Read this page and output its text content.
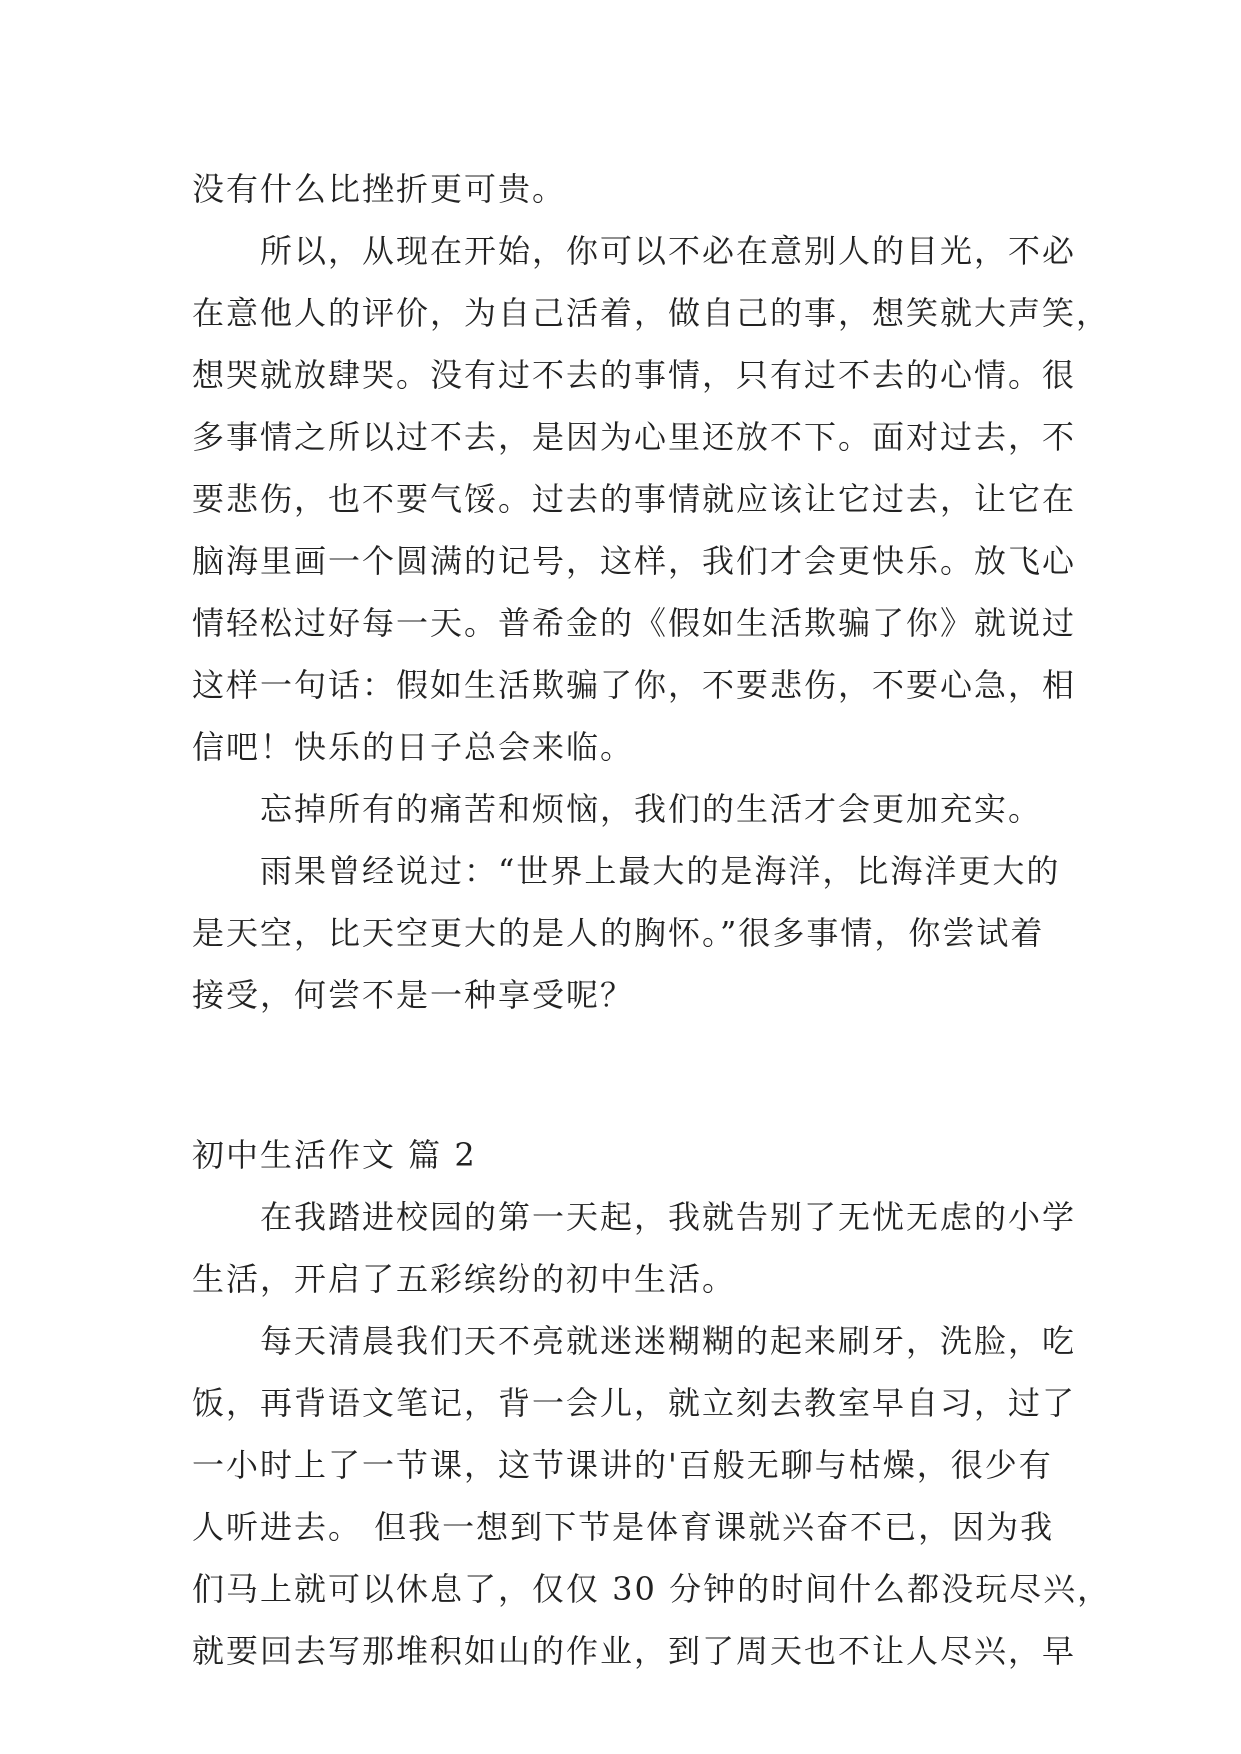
没有什么比挫折更可贵。
所以，从现在开始，你可以不必在意别人的目光，不必
在意他人的评价，为自己活着，做自己的事，想笑就大声笑，
想哭就放肆哭。没有过不去的事情，只有过不去的心情。很
多事情之所以过不去，是因为心里还放不下。面对过去，不
要悲伤，也不要气馁。过去的事情就应该让它过去，让它在
脑海里画一个圆满的记号，这样，我们才会更快乐。放飞心
情轻松过好每一天。普希金的《假如生活欺骗了你》就说过
这样一句话：假如生活欺骗了你，不要悲伤，不要心急，相
信吧！快乐的日子总会来临。
忘掉所有的痛苦和烦恼，我们的生活才会更加充实。
雨果曾经说过：“世界上最大的是海洋，比海洋更大的
是天空，比天空更大的是人的胸怀。”很多事情，你尝试着
接受，何尝不是一种享受呢？
初中生活作文 篇 2
在我踏进校园的第一天起，我就告别了无忧无虑的小学
生活，开启了五彩缤纷的初中生活。
每天清晨我们天不亮就迷迷糊糊的起来刷牙，洗脸，吃
饭，再背语文笔记，背一会儿，就立刻去教室早自习，过了
一小时上了一节课，这节课讲的'百般无聊与枯燥，很少有
人听进去。 但我一想到下节是体育课就兴奋不已，因为我
们马上就可以休息了，仅仅 30 分钟的时间什么都没玩尽兴，
就要回去写那堆积如山的作业，到了周天也不让人尽兴，早
